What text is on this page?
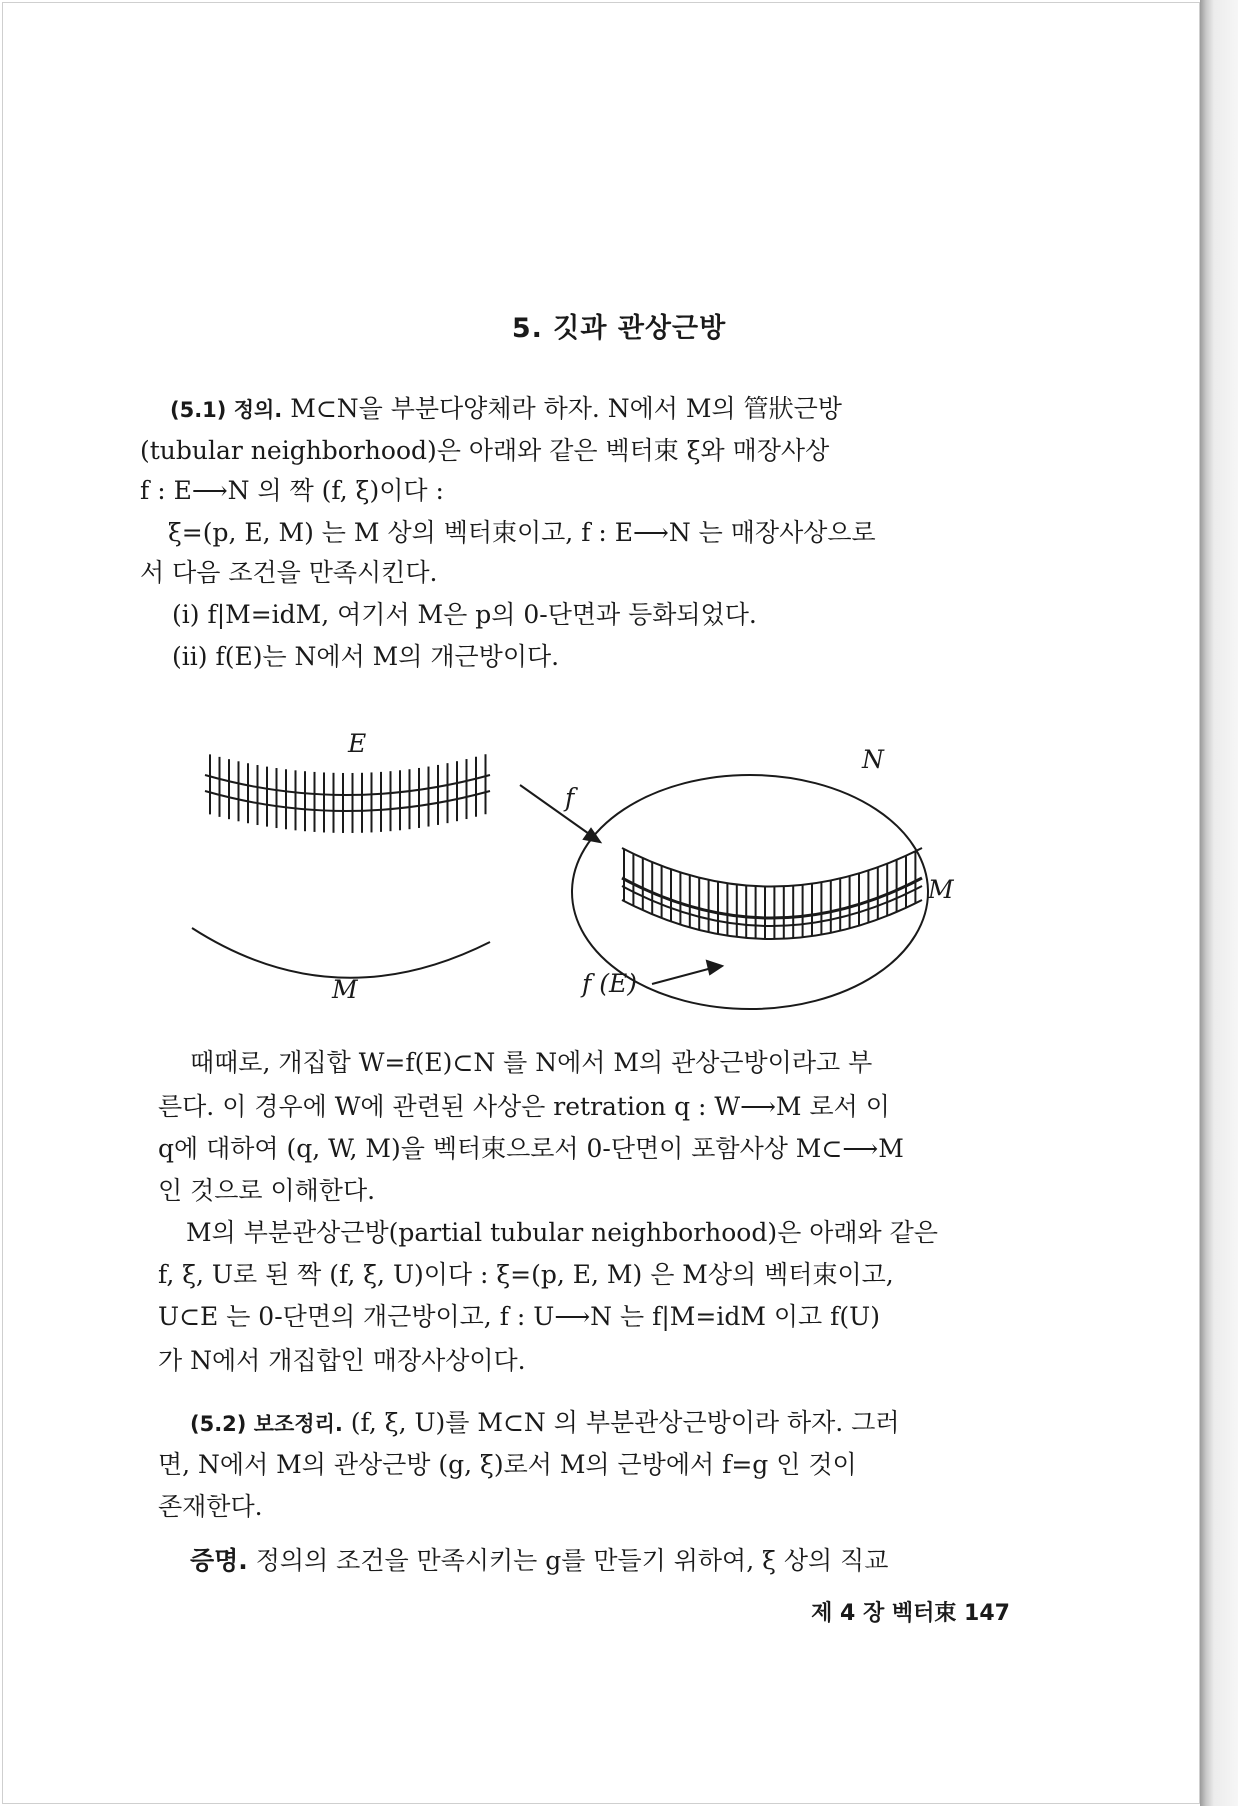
5. 깃과 관상근방
(5.1) 정의. M⊂N을 부분다양체라 하자. N에서 M의 管狀근방
(tubular neighborhood)은 아래와 같은 벡터束 ξ와 매장사상
f : E⟶N 의 짝 (f, ξ)이다 :
ξ=(p, E, M) 는 M 상의 벡터束이고, f : E⟶N 는 매장사상으로
서 다음 조건을 만족시킨다.
(i) f|M=idM, 여기서 M은 p의 0-단면과 등화되었다.
(ii) f(E)는 N에서 M의 개근방이다.
E
f
N
M
M	f (E)
때때로, 개집합 W=f(E)⊂N 를 N에서 M의 관상근방이라고 부
른다. 이 경우에 W에 관련된 사상은 retration q : W⟶M 로서 이
q에 대하여 (q, W, M)을 벡터束으로서 0-단면이 포함사상 M⊂⟶M
인 것으로 이해한다.
M의 부분관상근방(partial tubular neighborhood)은 아래와 같은
f, ξ, U로 된 짝 (f, ξ, U)이다 : ξ=(p, E, M) 은 M상의 벡터束이고,
U⊂E 는 0-단면의 개근방이고, f : U⟶N 는 f|M=idM 이고 f(U)
가 N에서 개집합인 매장사상이다.
(5.2) 보조정리. (f, ξ, U)를 M⊂N 의 부분관상근방이라 하자. 그러
면, N에서 M의 관상근방 (g, ξ)로서 M의 근방에서 f=g 인 것이
존재한다.
증명. 정의의 조건을 만족시키는 g를 만들기 위하여, ξ 상의 직교
제 4 장 벡터束 147
